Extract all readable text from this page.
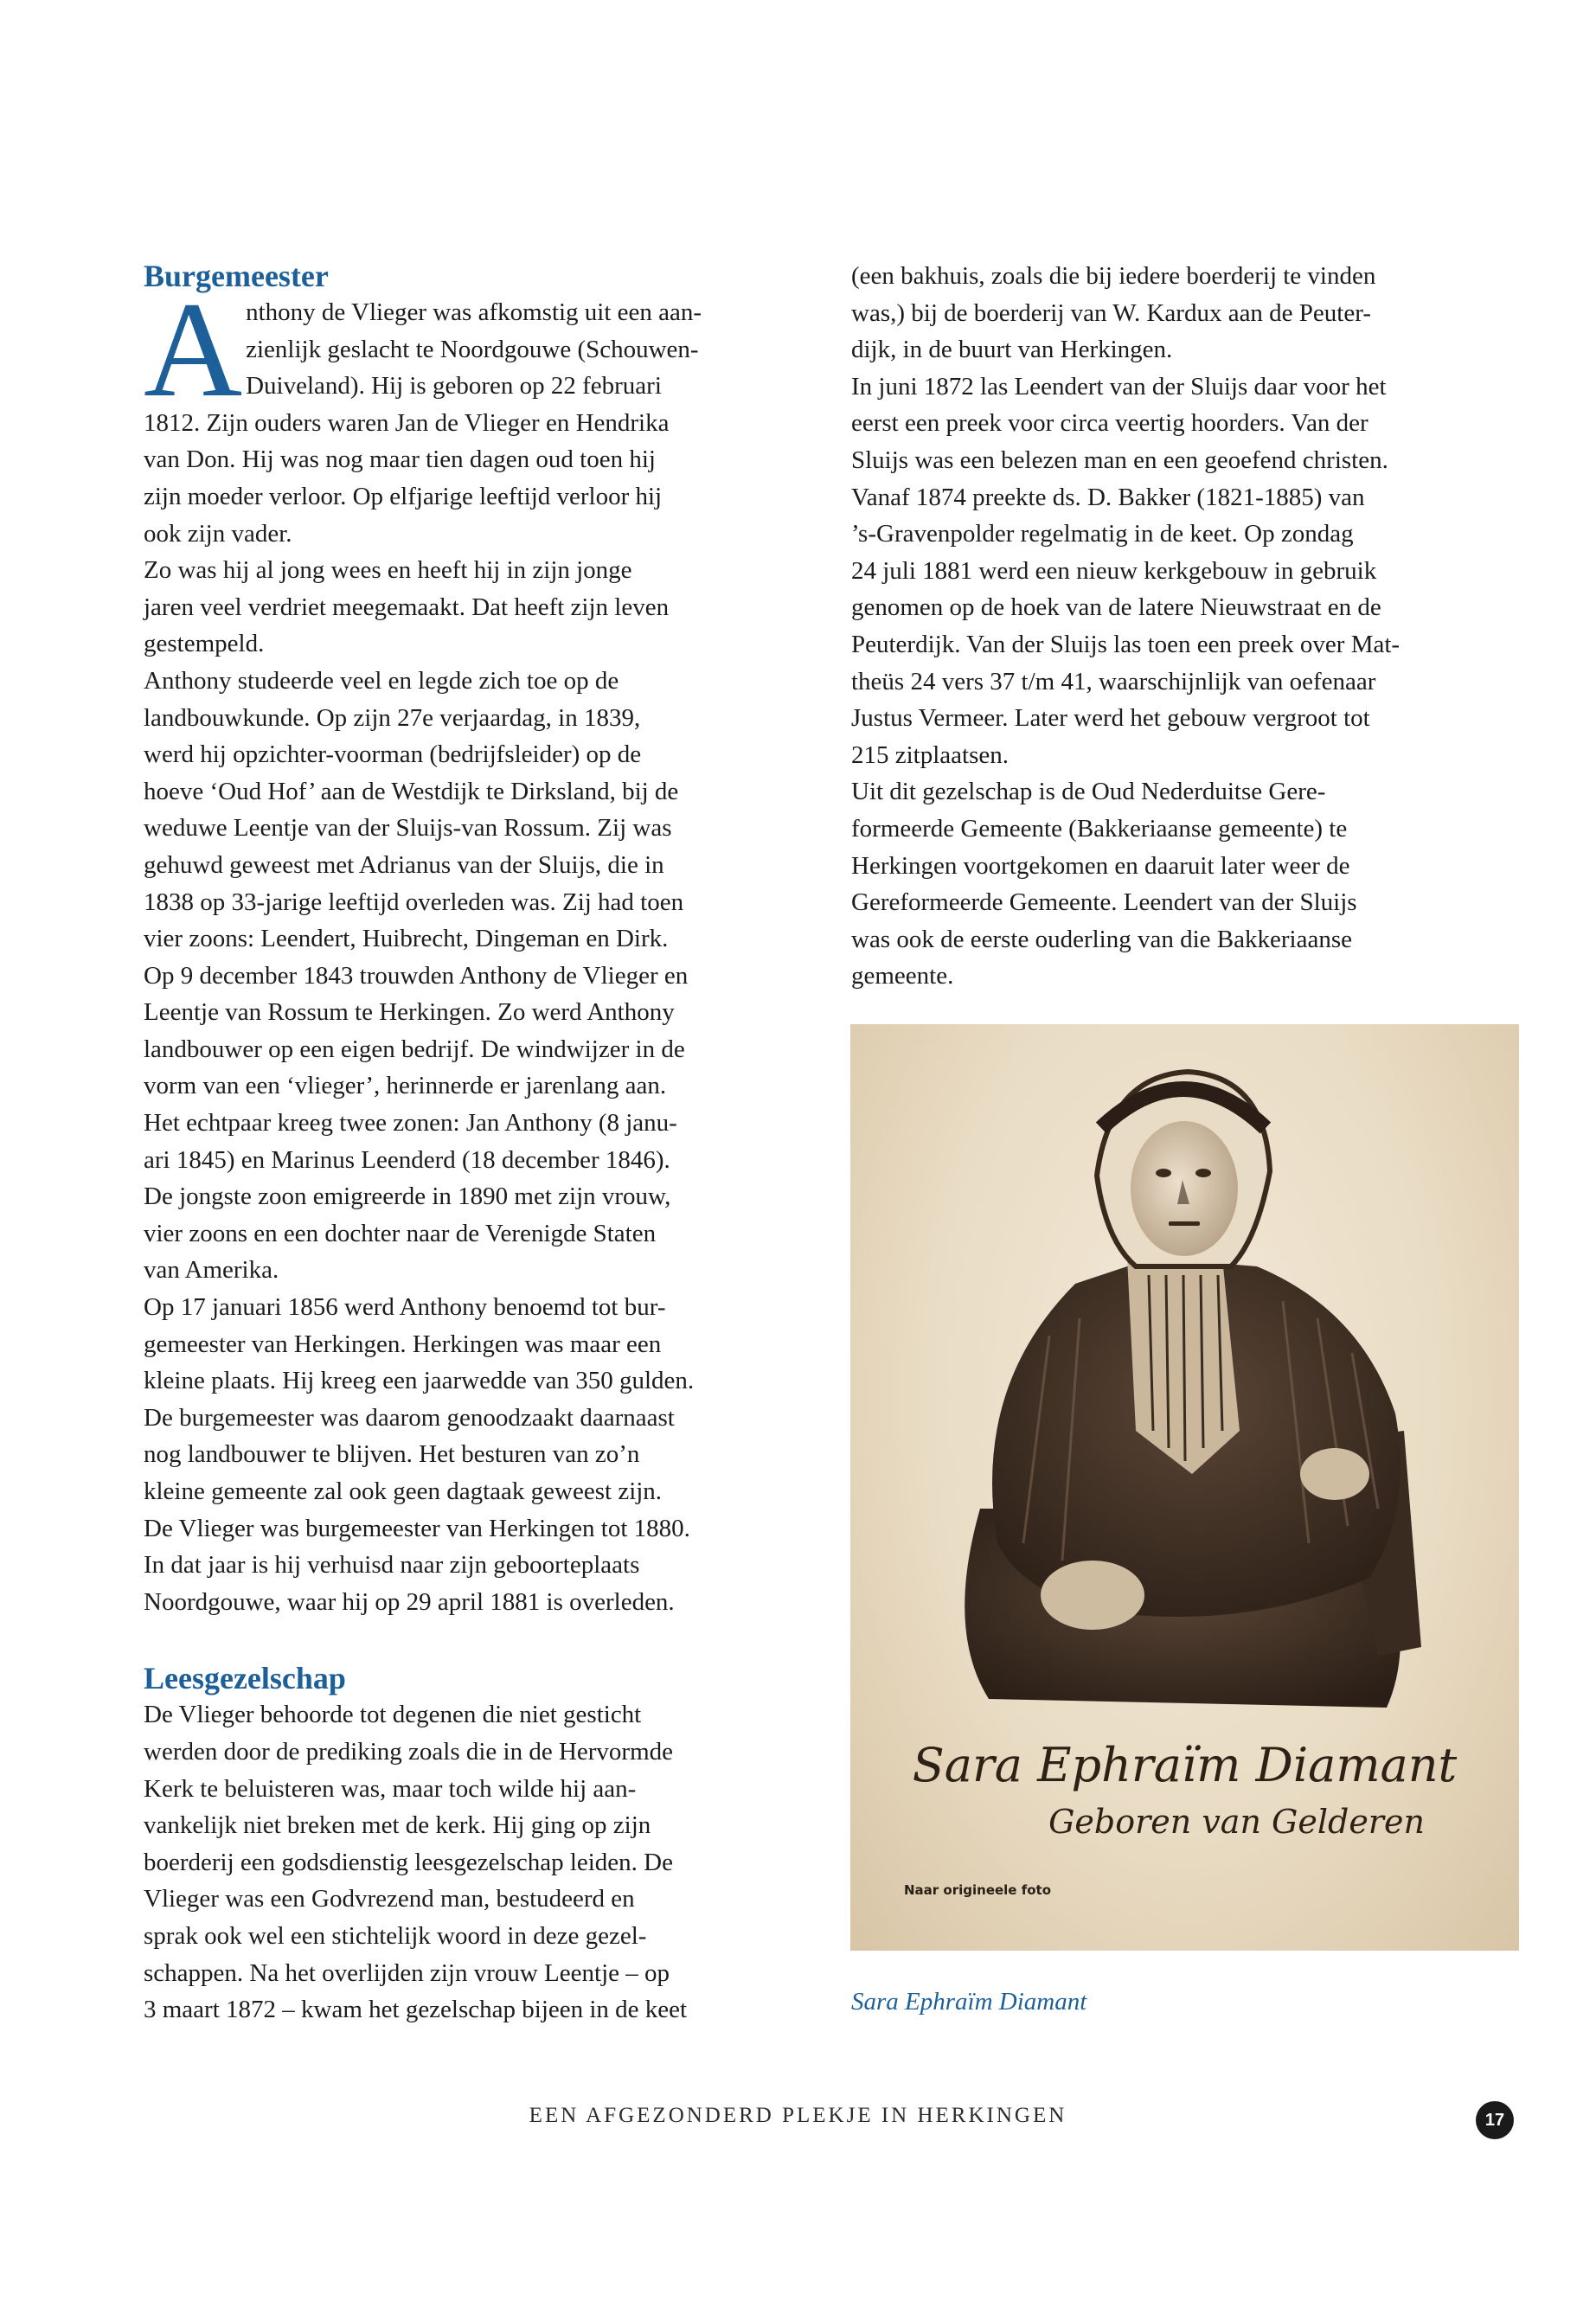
Burgemeester
A nthony de Vlieger was afkomstig uit een aan-

zienlijk geslacht te Noordgouwe (Schouwen-

Duiveland). Hij is geboren op 22 februari

1812. Zijn ouders waren Jan de Vlieger en Hendrika

van Don. Hij was nog maar tien dagen oud toen hij

zijn moeder verloor. Op elfjarige leeftijd verloor hij

ook zijn vader.

Zo was hij al jong wees en heeft hij in zijn jonge

jaren veel verdriet meegemaakt. Dat heeft zijn leven

gestempeld.

Anthony studeerde veel en legde zich toe op de

landbouwkunde. Op zijn 27e verjaardag, in 1839,

werd hij opzichter-voorman (bedrijfsleider) op de

hoeve ‘Oud Hof’ aan de Westdijk te Dirksland, bij de

weduwe Leentje van der Sluijs-van Rossum. Zij was

gehuwd geweest met Adrianus van der Sluijs, die in

1838 op 33-jarige leeftijd overleden was. Zij had toen

vier zoons: Leendert, Huibrecht, Dingeman en Dirk.

Op 9 december 1843 trouwden Anthony de Vlieger en

Leentje van Rossum te Herkingen. Zo werd Anthony

landbouwer op een eigen bedrijf. De windwijzer in de

vorm van een ‘vlieger’, herinnerde er jarenlang aan.

Het echtpaar kreeg twee zonen: Jan Anthony (8 janu-

ari 1845) en Marinus Leenderd (18 december 1846).

De jongste zoon emigreerde in 1890 met zijn vrouw,

vier zoons en een dochter naar de Verenigde Staten

van Amerika.

Op 17 januari 1856 werd Anthony benoemd tot bur-

gemeester van Herkingen. Herkingen was maar een

kleine plaats. Hij kreeg een jaarwedde van 350 gulden.

De burgemeester was daarom genoodzaakt daarnaast

nog landbouwer te blijven. Het besturen van zo’n

kleine gemeente zal ook geen dagtaak geweest zijn.

De Vlieger was burgemeester van Herkingen tot 1880.

In dat jaar is hij verhuisd naar zijn geboorteplaats

Noordgouwe, waar hij op 29 april 1881 is overleden.

Leesgezelschap

De Vlieger behoorde tot degenen die niet gesticht

werden door de prediking zoals die in de Hervormde

Kerk te beluisteren was, maar toch wilde hij aan-

vankelijk niet breken met de kerk. Hij ging op zijn

boerderij een godsdienstig leesgezelschap leiden. De

Vlieger was een Godvrezend man, bestudeerd en

sprak ook wel een stichtelijk woord in deze gezel-

schappen. Na het overlijden zijn vrouw Leentje – op

3 maart 1872 – kwam het gezelschap bijeen in de keet

(een bakhuis, zoals die bij iedere boerderij te vinden

was,) bij de boerderij van W. Kardux aan de Peuter-

dijk, in de buurt van Herkingen.

In juni 1872 las Leendert van der Sluijs daar voor het

eerst een preek voor circa veertig hoorders. Van der

Sluijs was een belezen man en een geoefend christen.

Vanaf 1874 preekte ds. D. Bakker (1821-1885) van

’s-Gravenpolder regelmatig in de keet. Op zondag

24 juli 1881 werd een nieuw kerkgebouw in gebruik

genomen op de hoek van de latere Nieuwstraat en de

Peuterdijk. Van der Sluijs las toen een preek over Mat-

theüs 24 vers 37 t/m 41, waarschijnlijk van oefenaar

Justus Vermeer. Later werd het gebouw vergroot tot

215 zitplaatsen.

Uit dit gezelschap is de Oud Nederduitse Gere-

formeerde Gemeente (Bakkeriaanse gemeente) te

Herkingen voortgekomen en daaruit later weer de

Gereformeerde Gemeente. Leendert van der Sluijs

was ook de eerste ouderling van die Bakkeriaanse

gemeente.

Sara Ephraïm Diamant
Geboren van Gelderen
Naar origineele foto
Sara Ephraïm Diamant
EEN AFGEZONDERD PLEKJE IN HERKINGEN	17
